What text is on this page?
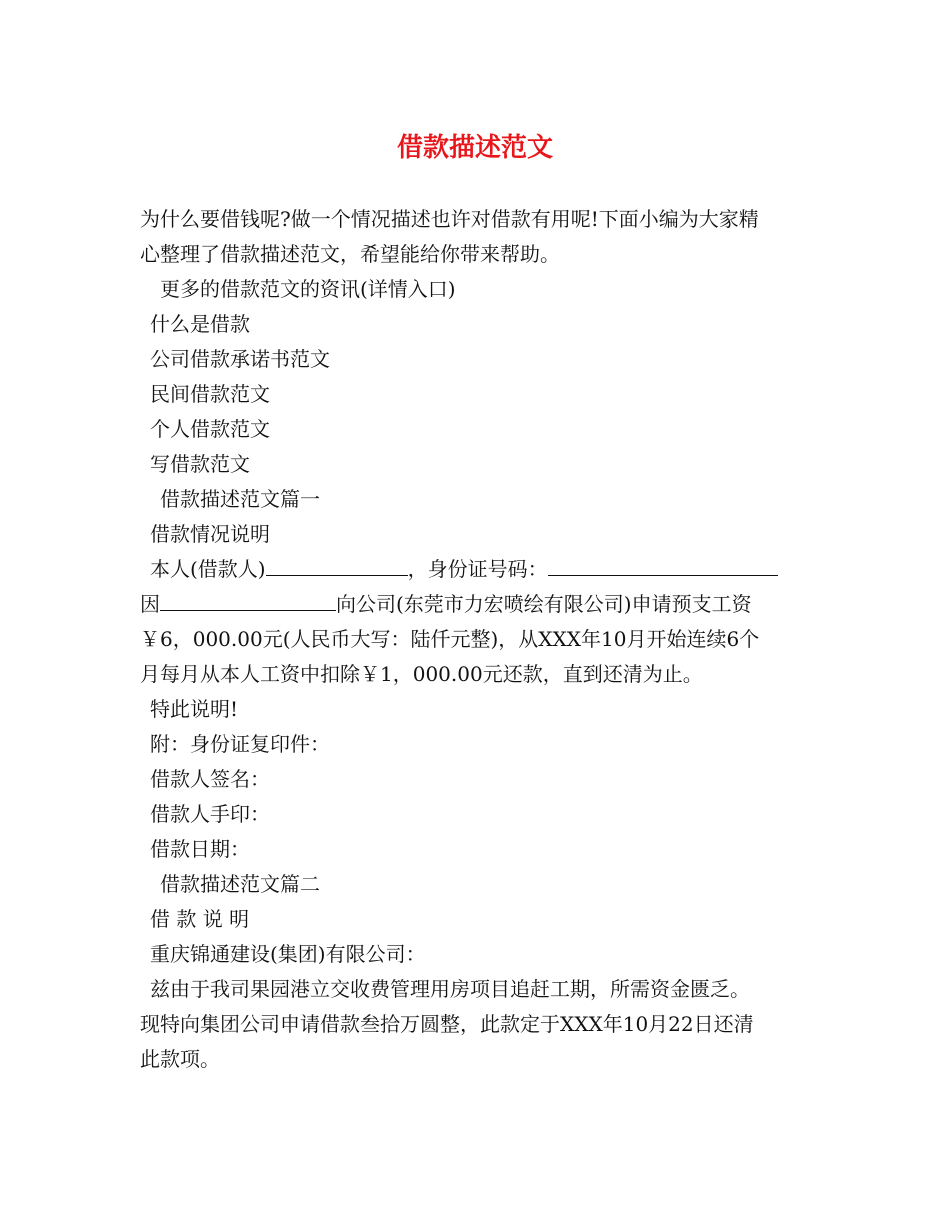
借款描述范文
为什么要借钱呢?做一个情况描述也许对借款有用呢!下面小编为大家精
心整理了借款描述范文，希望能给你带来帮助。
更多的借款范文的资讯(详情入口)
什么是借款
公司借款承诺书范文
民间借款范文
个人借款范文
写借款范文
借款描述范文篇一
借款情况说明
本人(借款人)	，身份证号码：
因	向公司(东莞市力宏喷绘有限公司)申请预支工资
￥6，000.00元(人民币大写：陆仟元整)，从XXX年10月开始连续6个
月每月从本人工资中扣除￥1，000.00元还款，直到还清为止。
特此说明!
附：身份证复印件：
借款人签名：
借款人手印：
借款日期：
借款描述范文篇二
借 款 说 明
重庆锦通建设(集团)有限公司：
兹由于我司果园港立交收费管理用房项目追赶工期，所需资金匮乏。
现特向集团公司申请借款叁拾万圆整，此款定于XXX年10月22日还清
此款项。
